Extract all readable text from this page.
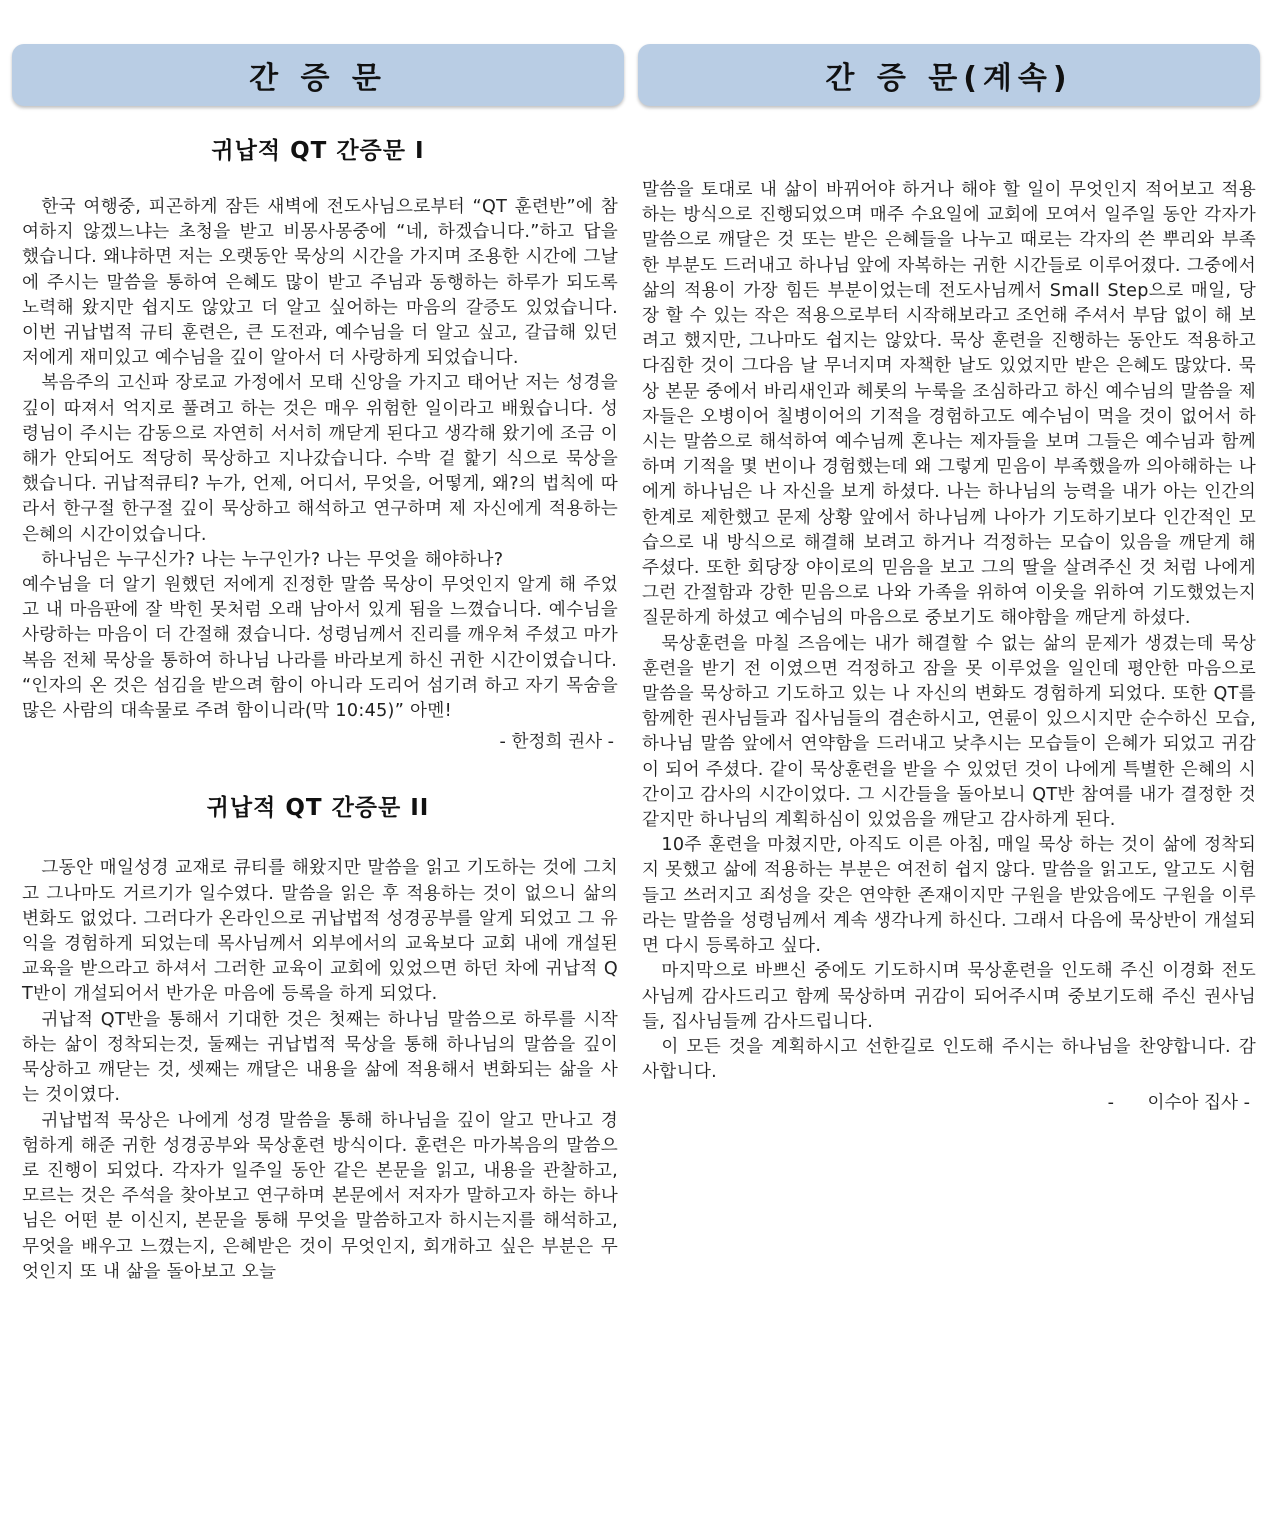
간 증 문
귀납적 QT 간증문 I

한국 여행중, 피곤하게 잠든 새벽에 전도사님으로부터 “QT 훈련반”에 참여하지 않겠느냐는 초청을 받고 비몽사몽중에 “네, 하겠습니다.”하고 답을 했습니다. 왜냐하면 저는 오랫동안 묵상의 시간을 가지며 조용한 시간에 그날에 주시는 말씀을 통하여 은혜도 많이 받고 주님과 동행하는 하루가 되도록 노력해 왔지만 쉽지도 않았고 더 알고 싶어하는 마음의 갈증도 있었습니다. 이번 귀납법적 규티 훈련은, 큰 도전과, 예수님을 더 알고 싶고, 갈급해 있던 저에게 재미있고 예수님을 깊이 알아서 더 사랑하게 되었습니다.

복음주의 고신파 장로교 가정에서 모태 신앙을 가지고 태어난 저는 성경을 깊이 따져서 억지로 풀려고 하는 것은 매우 위험한 일이라고 배웠습니다. 성령님이 주시는 감동으로 자연히 서서히 깨닫게 된다고 생각해 왔기에 조금 이해가 안되어도 적당히 묵상하고 지나갔습니다. 수박 겉 핥기 식으로 묵상을 했습니다. 귀납적큐티? 누가, 언제, 어디서, 무엇을, 어떻게, 왜?의 법칙에 따라서 한구절 한구절 깊이 묵상하고 해석하고 연구하며 제 자신에게 적용하는 은혜의 시간이었습니다.

하나님은 누구신가? 나는 누구인가? 나는 무엇을 해야하나?

예수님을 더 알기 원했던 저에게 진정한 말씀 묵상이 무엇인지 알게 해 주었고 내 마음판에 잘 박힌 못처럼 오래 남아서 있게 됨을 느꼈습니다. 예수님을 사랑하는 마음이 더 간절해 졌습니다. 성령님께서 진리를 깨우쳐 주셨고 마가복음 전체 묵상을 통하여 하나님 나라를 바라보게 하신 귀한 시간이였습니다.

“인자의 온 것은 섬김을 받으려 함이 아니라 도리어 섬기려 하고 자기 목숨을 많은 사람의 대속물로 주려 함이니라(막 10:45)” 아멘!

- 한정희 권사 -
귀납적 QT 간증문 II

그동안 매일성경 교재로 큐티를 해왔지만 말씀을 읽고 기도하는 것에 그치고 그나마도 거르기가 일수였다. 말씀을 읽은 후 적용하는 것이 없으니 삶의 변화도 없었다. 그러다가 온라인으로 귀납법적 성경공부를 알게 되었고 그 유익을 경험하게 되었는데 목사님께서 외부에서의 교육보다 교회 내에 개설된 교육을 받으라고 하셔서 그러한 교육이 교회에 있었으면 하던 차에 귀납적 QT반이 개설되어서 반가운 마음에 등록을 하게 되었다.

귀납적 QT반을 통해서 기대한 것은 첫째는 하나님 말씀으로 하루를 시작하는 삶이 정착되는것, 둘째는 귀납법적 묵상을 통해 하나님의 말씀을 깊이 묵상하고 깨닫는 것, 셋째는 깨달은 내용을 삶에 적용해서 변화되는 삶을 사는 것이였다.

귀납법적 묵상은 나에게 성경 말씀을 통해 하나님을 깊이 알고 만나고 경험하게 해준 귀한 성경공부와 묵상훈련 방식이다. 훈련은 마가복음의 말씀으로 진행이 되었다. 각자가 일주일 동안 같은 본문을 읽고, 내용을 관찰하고, 모르는 것은 주석을 찾아보고 연구하며 본문에서 저자가 말하고자 하는 하나님은 어떤 분 이신지, 본문을 통해 무엇을 말씀하고자 하시는지를 해석하고, 무엇을 배우고 느꼈는지, 은혜받은 것이 무엇인지, 회개하고 싶은 부분은 무엇인지 또 내 삶을 돌아보고 오늘

간 증 문(계속)

말씀을 토대로 내 삶이 바뀌어야 하거나 해야 할 일이 무엇인지 적어보고 적용하는 방식으로 진행되었으며 매주 수요일에 교회에 모여서 일주일 동안 각자가 말씀으로 깨달은 것 또는 받은 은혜들을 나누고 때로는 각자의 쓴 뿌리와 부족한 부분도 드러내고 하나님 앞에 자복하는 귀한 시간들로 이루어졌다. 그중에서 삶의 적용이 가장 힘든 부분이었는데 전도사님께서 Small Step으로 매일, 당장 할 수 있는 작은 적용으로부터 시작해보라고 조언해 주셔서 부담 없이 해 보려고 했지만, 그나마도 쉽지는 않았다. 묵상 훈련을 진행하는 동안도 적용하고 다짐한 것이 그다음 날 무너지며 자책한 날도 있었지만 받은 은혜도 많았다. 묵상 본문 중에서 바리새인과 헤롯의 누룩을 조심하라고 하신 예수님의 말씀을 제자들은 오병이어 칠병이어의 기적을 경험하고도 예수님이 먹을 것이 없어서 하시는 말씀으로 해석하여 예수님께 혼나는 제자들을 보며 그들은 예수님과 함께하며 기적을 몇 번이나 경험했는데 왜 그렇게 믿음이 부족했을까 의아해하는 나에게 하나님은 나 자신을 보게 하셨다. 나는 하나님의 능력을 내가 아는 인간의 한계로 제한했고 문제 상황 앞에서 하나님께 나아가 기도하기보다 인간적인 모습으로 내 방식으로 해결해 보려고 하거나 걱정하는 모습이 있음을 깨닫게 해 주셨다. 또한 회당장 야이로의 믿음을 보고 그의 딸을 살려주신 것 처럼 나에게 그런 간절함과 강한 믿음으로 나와 가족을 위하여 이웃을 위하여 기도했었는지 질문하게 하셨고 예수님의 마음으로 중보기도 해야함을 깨닫게 하셨다.

묵상훈련을 마칠 즈음에는 내가 해결할 수 없는 삶의 문제가 생겼는데 묵상훈련을 받기 전 이였으면 걱정하고 잠을 못 이루었을 일인데 평안한 마음으로 말씀을 묵상하고 기도하고 있는 나 자신의 변화도 경험하게 되었다. 또한 QT를 함께한 권사님들과 집사님들의 겸손하시고, 연륜이 있으시지만 순수하신 모습, 하나님 말씀 앞에서 연약함을 드러내고 낮추시는 모습들이 은혜가 되었고 귀감이 되어 주셨다. 같이 묵상훈련을 받을 수 있었던 것이 나에게 특별한 은혜의 시간이고 감사의 시간이었다. 그 시간들을 돌아보니 QT반 참여를 내가 결정한 것 같지만 하나님의 계획하심이 있었음을 깨닫고 감사하게 된다.

10주 훈련을 마쳤지만, 아직도 이른 아침, 매일 묵상 하는 것이 삶에 정착되지 못했고 삶에 적용하는 부분은 여전히 쉽지 않다. 말씀을 읽고도, 알고도 시험들고 쓰러지고 죄성을 갖은 연약한 존재이지만 구원을 받았음에도 구원을 이루라는 말씀을 성령님께서 계속 생각나게 하신다. 그래서 다음에 묵상반이 개설되면 다시 등록하고 싶다.

마지막으로 바쁘신 중에도 기도하시며 묵상훈련을 인도해 주신 이경화 전도사님께 감사드리고 함께 묵상하며 귀감이 되어주시며 중보기도해 주신 권사님들, 집사님들께 감사드립니다.

이 모든 것을 계획하시고 선한길로 인도해 주시는 하나님을 찬양합니다. 감사합니다.

-      이수아 집사 -
